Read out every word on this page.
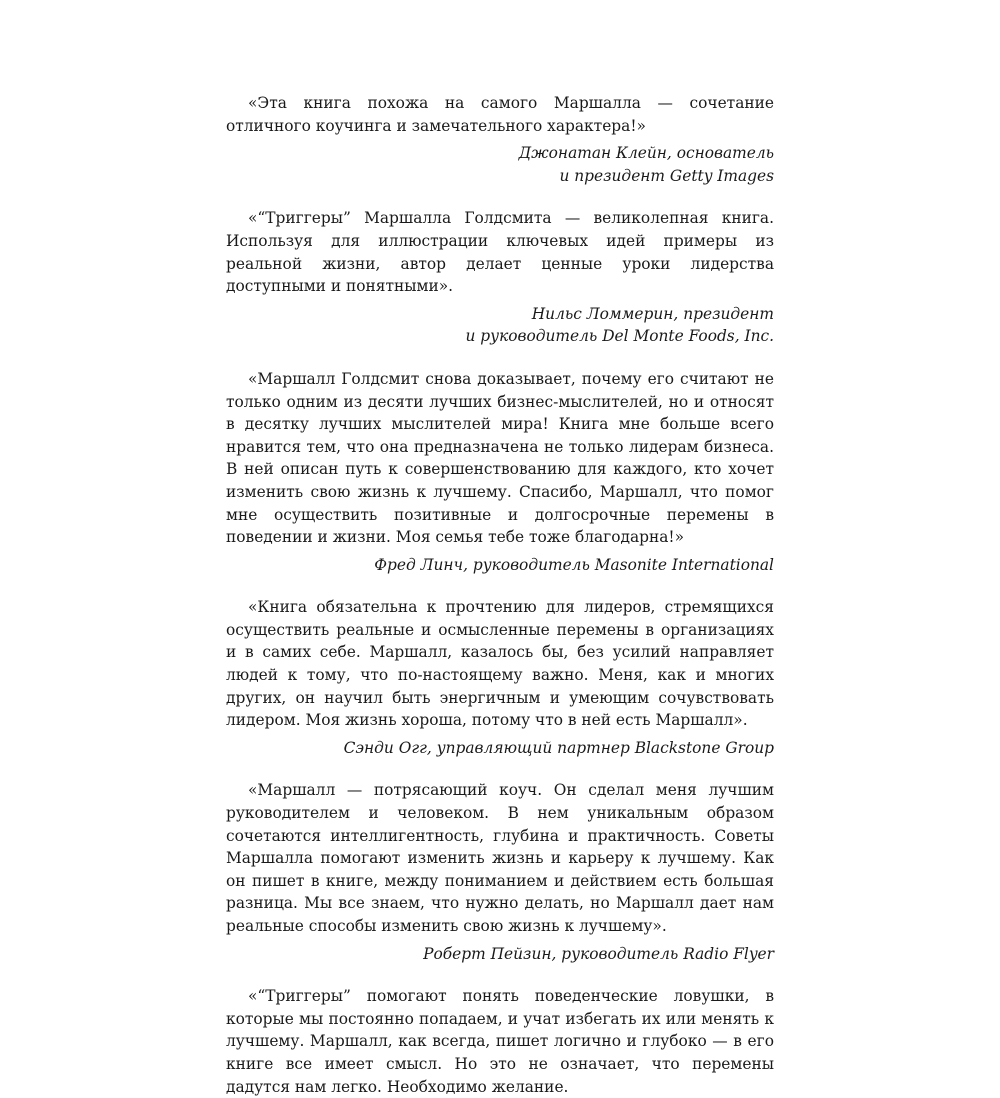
«Эта книга похожа на самого Маршалла — сочетание отличного коучинга и замечательного характера!»

Джонатан Клейн, основатель
и президент Getty Images

«“Триггеры” Маршалла Голдсмита — великолепная книга. Используя для иллюстрации ключевых идей примеры из реальной жизни, автор делает ценные уроки лидерства доступными и понятными».

Нильс Ломмерин, президент
и руководитель Del Monte Foods, Inc.

«Маршалл Голдсмит снова доказывает, почему его считают не только одним из десяти лучших бизнес-мыслителей, но и относят в десятку лучших мыслителей мира! Книга мне больше всего нравится тем, что она предназначена не только лидерам бизнеса. В ней описан путь к совершенствованию для каждого, кто хочет изменить свою жизнь к лучшему. Спасибо, Маршалл, что помог мне осуществить позитивные и долгосрочные перемены в поведении и жизни. Моя семья тебе тоже благодарна!»

Фред Линч, руководитель Masonite International

«Книга обязательна к прочтению для лидеров, стремящихся осуществить реальные и осмысленные перемены в организациях и в самих себе. Маршалл, казалось бы, без усилий направляет людей к тому, что по-настоящему важно. Меня, как и многих других, он научил быть энергичным и умеющим сочувствовать лидером. Моя жизнь хороша, потому что в ней есть Маршалл».

Сэнди Огг, управляющий партнер Blackstone Group

«Маршалл — потрясающий коуч. Он сделал меня лучшим руководителем и человеком. В нем уникальным образом сочетаются интеллигентность, глубина и практичность. Советы Маршалла помогают изменить жизнь и карьеру к лучшему. Как он пишет в книге, между пониманием и действием есть большая разница. Мы все знаем, что нужно делать, но Маршалл дает нам реальные способы изменить свою жизнь к лучшему».

Роберт Пейзин, руководитель Radio Flyer

«“Триггеры” помогают понять поведенческие ловушки, в которые мы постоянно попадаем, и учат избегать их или менять к лучшему. Маршалл, как всегда, пишет логично и глубоко — в его книге все имеет смысл. Но это не означает, что перемены дадутся нам легко. Необходимо желание.
